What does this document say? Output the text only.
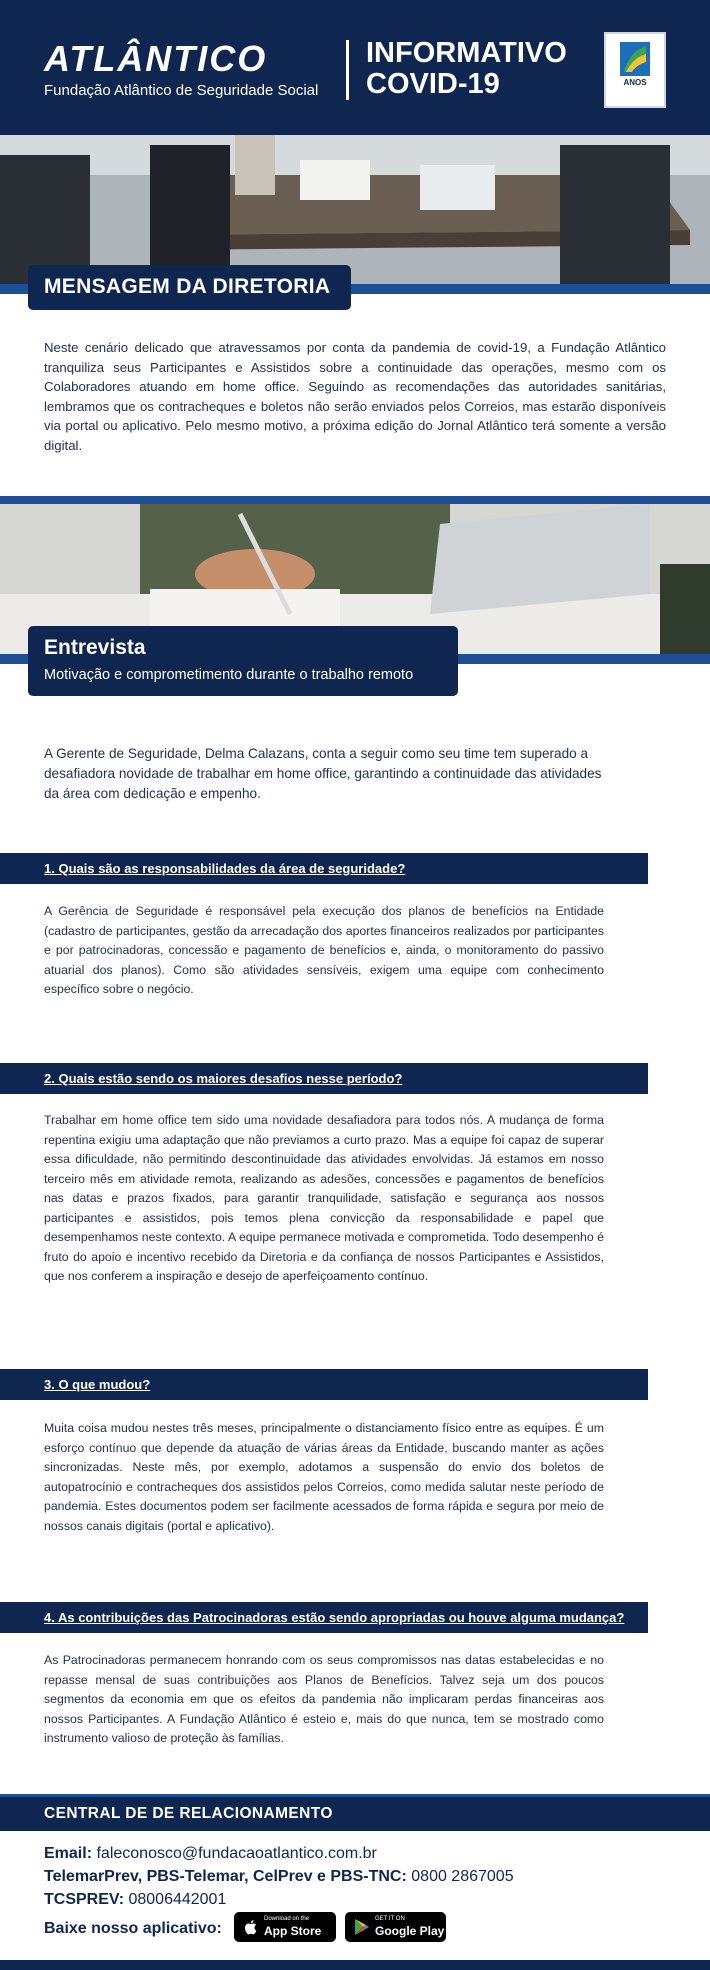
ATLÂNTICO
Fundação Atlântico de Seguridade Social
INFORMATIVO COVID-19	ANOS
MENSAGEM DA DIRETORIA
Neste cenário delicado que atravessamos por conta da pandemia de covid-19, a Fundação Atlântico tranquiliza seus Participantes e Assistidos sobre a continuidade das operações, mesmo com os Colaboradores atuando em home office. Seguindo as recomendações das autoridades sanitárias, lembramos que os contracheques e boletos não serão enviados pelos Correios, mas estarão disponíveis via portal ou aplicativo. Pelo mesmo motivo, a próxima edição do Jornal Atlântico terá somente a versão digital.
Entrevista
Motivação e comprometimento durante o trabalho remoto
A Gerente de Seguridade, Delma Calazans, conta a seguir como seu time tem superado a desafiadora novidade de trabalhar em home office, garantindo a continuidade das atividades da área com dedicação e empenho.
1. Quais são as responsabilidades da área de seguridade?
A Gerência de Seguridade é responsável pela execução dos planos de benefícios na Entidade (cadastro de participantes, gestão da arrecadação dos aportes financeiros realizados por participantes e por patrocinadoras, concessão e pagamento de benefícios e, ainda, o monitoramento do passivo atuarial dos planos). Como são atividades sensíveis, exigem uma equipe com conhecimento específico sobre o negócio.
2. Quais estão sendo os maiores desafios nesse período?
Trabalhar em home office tem sido uma novidade desafiadora para todos nós. A mudança de forma repentina exigiu uma adaptação que não previamos a curto prazo. Mas a equipe foi capaz de superar essa dificuldade, não permitindo descontinuidade das atividades envolvidas. Já estamos em nosso terceiro mês em atividade remota, realizando as adesões, concessões e pagamentos de benefícios nas datas e prazos fixados, para garantir tranquilidade, satisfação e segurança aos nossos participantes e assistidos, pois temos plena convicção da responsabilidade e papel que desempenhamos neste contexto. A equipe permanece motivada e comprometida. Todo desempenho é fruto do apoio e incentivo recebido da Diretoria e da confiança de nossos Participantes e Assistidos, que nos conferem a inspiração e desejo de aperfeiçoamento contínuo.
3. O que mudou?
Muita coisa mudou nestes três meses, principalmente o distanciamento físico entre as equipes. É um esforço contínuo que depende da atuação de várias áreas da Entidade, buscando manter as ações sincronizadas. Neste mês, por exemplo, adotamos a suspensão do envio dos boletos de autopatrocínio e contracheques dos assistidos pelos Correios, como medida salutar neste período de pandemia. Estes documentos podem ser facilmente acessados de forma rápida e segura por meio de nossos canais digitais (portal e aplicativo).
4. As contribuições das Patrocinadoras estão sendo apropriadas ou houve alguma mudança?
As Patrocinadoras permanecem honrando com os seus compromissos nas datas estabelecidas e no repasse mensal de suas contribuições aos Planos de Benefícios. Talvez seja um dos poucos segmentos da economia em que os efeitos da pandemia não implicaram perdas financeiras aos nossos Participantes. A Fundação Atlântico é esteio e, mais do que nunca, tem se mostrado como instrumento valioso de proteção às famílias.
CENTRAL DE DE RELACIONAMENTO
Email: faleconosco@fundacaoatlantico.com.br
TelemarPrev, PBS-Telemar, CelPrev e PBS-TNC: 0800 2867005
TCSPREV: 08006442001
Baixe nosso aplicativo:
Download on the
App Store
GET IT ON
Google Play
